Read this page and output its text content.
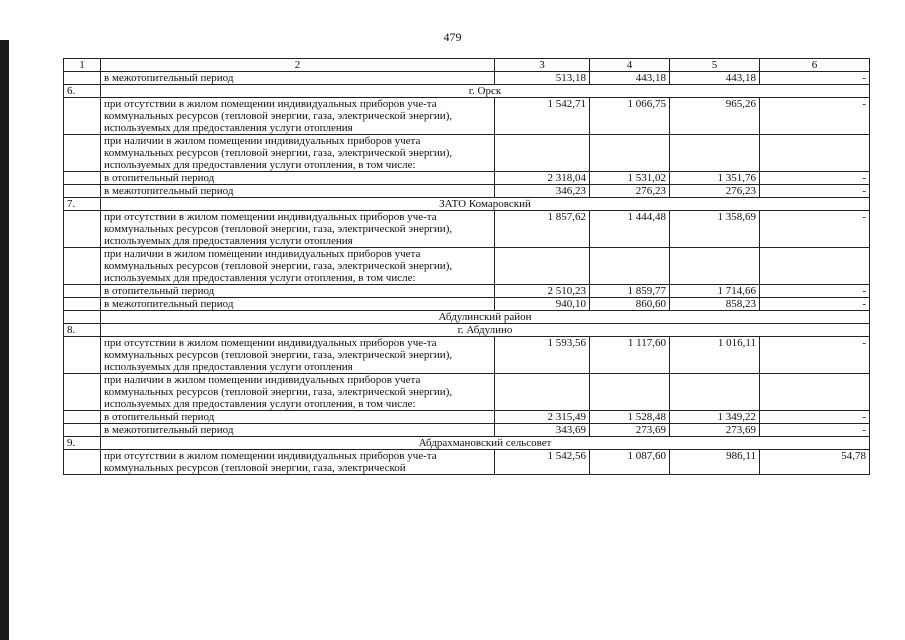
479
1	2	3	4	5	6
	в межотопительный период	513,18	443,18	443,18	-
6.	г. Орск				
	при отсутствии в жилом помещении индивидуальных приборов уче-та коммунальных ресурсов (тепловой энергии, газа, электрической энергии), используемых для предоставления услуги отопления	1 542,71	1 066,75	965,26	-
	при наличии в жилом помещении индивидуальных приборов учета коммунальных ресурсов (тепловой энергии, газа, электрической энергии), используемых для предоставления услуги отопления, в том числе:				
	в отопительный период	2 318,04	1 531,02	1 351,76	-
	в межотопительный период	346,23	276,23	276,23	-
7.	ЗАТО Комаровский				
	при отсутствии в жилом помещении индивидуальных приборов уче-та коммунальных ресурсов (тепловой энергии, газа, электрической энергии), используемых для предоставления услуги отопления	1 857,62	1 444,48	1 358,69	-
	при наличии в жилом помещении индивидуальных приборов учета коммунальных ресурсов (тепловой энергии, газа, электрической энергии), используемых для предоставления услуги отопления, в том числе:				
	в отопительный период	2 510,23	1 859,77	1 714,66	-
	в межотопительный период	940,10	860,60	858,23	-
	Абдулинский район				
8.	г. Абдулино				
	при отсутствии в жилом помещении индивидуальных приборов уче-та коммунальных ресурсов (тепловой энергии, газа, электрической энергии), используемых для предоставления услуги отопления	1 593,56	1 117,60	1 016,11	-
	при наличии в жилом помещении индивидуальных приборов учета коммунальных ресурсов (тепловой энергии, газа, электрической энергии), используемых для предоставления услуги отопления, в том числе:				
	в отопительный период	2 315,49	1 528,48	1 349,22	-
	в межотопительный период	343,69	273,69	273,69	-
9.	Абдрахмановский сельсовет				
	при отсутствии в жилом помещении индивидуальных приборов уче-та коммунальных ресурсов (тепловой энергии, газа, электрической	1 542,56	1 087,60	986,11	54,78
